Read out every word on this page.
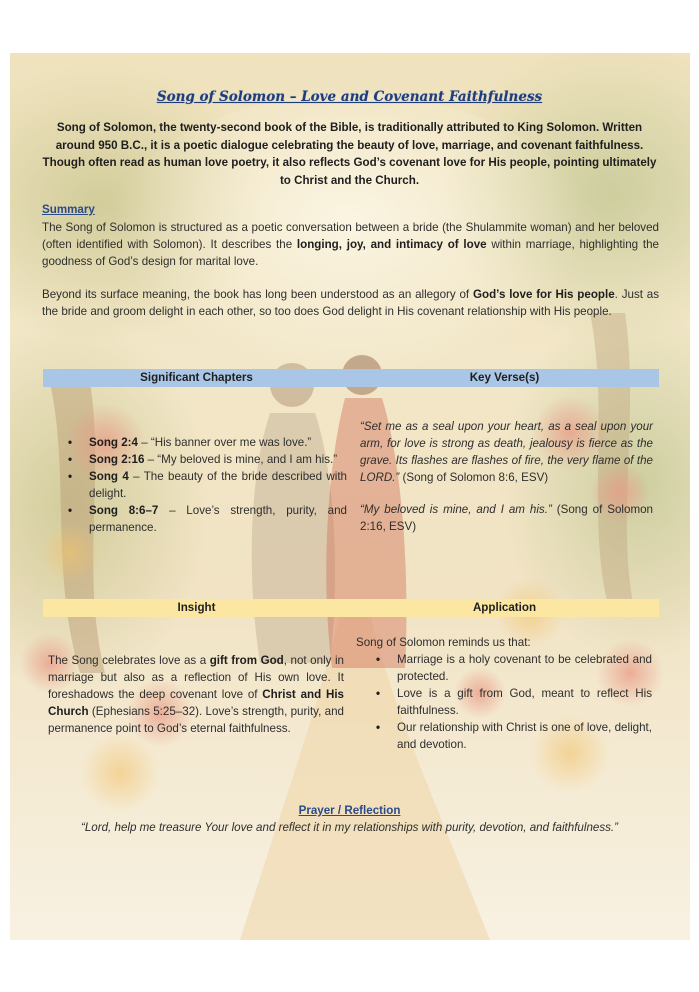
Song of Solomon – Love and Covenant Faithfulness
Song of Solomon, the twenty-second book of the Bible, is traditionally attributed to King Solomon. Written around 950 B.C., it is a poetic dialogue celebrating the beauty of love, marriage, and covenant faithfulness. Though often read as human love poetry, it also reflects God’s covenant love for His people, pointing ultimately to Christ and the Church.
Summary
The Song of Solomon is structured as a poetic conversation between a bride (the Shulammite woman) and her beloved (often identified with Solomon). It describes the longing, joy, and intimacy of love within marriage, highlighting the goodness of God’s design for marital love.
Beyond its surface meaning, the book has long been understood as an allegory of God’s love for His people. Just as the bride and groom delight in each other, so too does God delight in His covenant relationship with His people.
Significant Chapters	Key Verse(s)
• Song 2:4 – “His banner over me was love.”
• Song 2:16 – “My beloved is mine, and I am his.”
• Song 4 – The beauty of the bride described with delight.
• Song 8:6–7 – Love’s strength, purity, and permanence.
“Set me as a seal upon your heart, as a seal upon your arm, for love is strong as death, jealousy is fierce as the grave. Its flashes are flashes of fire, the very flame of the LORD.” (Song of Solomon 8:6, ESV)
“My beloved is mine, and I am his.” (Song of Solomon 2:16, ESV)
Insight	Application
The Song celebrates love as a gift from God, not only in marriage but also as a reflection of His own love. It foreshadows the deep covenant love of Christ and His Church (Ephesians 5:25–32). Love’s strength, purity, and permanence point to God’s eternal faithfulness.
Song of Solomon reminds us that:
• Marriage is a holy covenant to be celebrated and protected.
• Love is a gift from God, meant to reflect His faithfulness.
• Our relationship with Christ is one of love, delight, and devotion.
Prayer / Reflection
“Lord, help me treasure Your love and reflect it in my relationships with purity, devotion, and faithfulness.”
